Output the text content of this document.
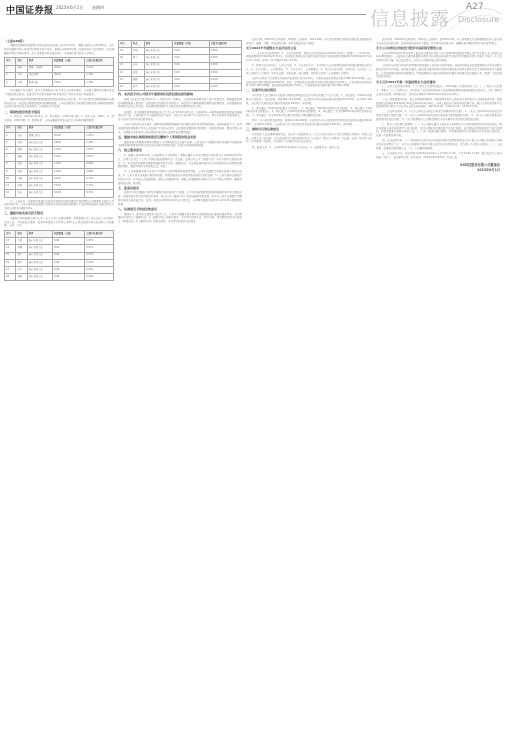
中国证券报 2023年6月1日 星期四
信息披露
A27
Disclosure
（上接A26版）

调整后的限制性股票授予价格由原来的每股人民币10.10元，调整为每股人民币9.86元，本次授予的激励对象人数及授予数量未发生变化。根据公司2022年第二次临时股东大会的授权，本次调整属于授权范围内事项，经公司董事会审议通过即可，无需再次提交股东大会审议。

序号	姓名	职务	获授数量（万股）	占授予总量比例
1	张明	董事、总经理	45.00	3.21%
2	李华	副总经理	30.00	2.14%
3	王强	财务总监	25.00	1.78%

本次激励计划实施后，将不会导致股权分布不符合上市条件要求。公司独立董事对该事项发表了同意的独立意见，监事会对本次授予激励对象名单进行了核实并发表了核查意见。

激励对象因获授的限制性股票而取得的现金股利由公司代管，作为应付股利在解除限售时向激励对象支付；若该部分限制性股票未能解除限售，公司在按照本计划的规定回购该部分限制性股票时应扣除代管的该部分现金股利，并做相应会计处理。

二、限制性股票的授予情况

1、授予日：2023年5月31日；2、授予数量：1,402.00万股；3、授予人数：186人；4、授予价格：9.86元/股；5、股票来源：公司向激励对象定向发行公司A股普通股股票。

序号	姓名	职务	获授数量（万股）	占授予总量比例
4	赵伟	董事会秘书	20.00	1.43%
5	刘洋	核心技术人员	18.00	1.28%
6	陈静	核心技术人员	15.00	1.07%
7	杨帆	核心业务人员	15.00	1.07%
8	黄磊	核心业务人员	12.00	0.86%
9	周敏	核心业务人员	12.00	0.86%
10	吴刚	核心业务人员	10.00	0.71%
11	徐丽	核心业务人员	10.00	0.71%
12	孙涛	核心业务人员	10.00	0.71%

注：上述任何一名激励对象通过全部在有效期内的股权激励计划获授的公司股票均未超过公司总股本的1%。公司全部有效的激励计划所涉及的标的股票总数累计不超过股权激励计划提交股东大会时公司股本总额的10%。

三、激励对象名单及授予情况

本激励计划的激励对象为公司（含子公司）任职的董事、高级管理人员、核心技术人员及核心业务人员，不包括独立董事、监事及单独或合计持有公司5%以上股份的股东或实际控制人及其配偶、父母、子女。

序号	姓名	职务	获授数量（万股）	占授予总量比例
13	马超	核心业务人员	8.00	0.57%
14	朱琳	核心业务人员	8.00	0.57%
15	胡军	核心业务人员	8.00	0.57%
16	郭亮	核心业务人员	6.00	0.43%
17	何平	核心业务人员	6.00	0.43%
18	林峰	核心业务人员	6.00	0.43%
序号	姓名	职务	获授数量（万股）	占授予总量比例
19	罗斌	核心业务人员	5.00	0.36%
20	梁宇	核心业务人员	5.00	0.36%
21	宋洁	核心业务人员	5.00	0.36%
22	郑凯	核心业务人员	5.00	0.36%
23	谢鹏	核心业务人员	4.00	0.29%
24	韩雪	核心业务人员	4.00	0.29%
四、本次授予对公司相关年度财务状况和经营成果的影响

按照《企业会计准则第11号——股份支付》的规定，公司将在限售期的每个资产负债表日，根据最新取得的可解除限售人数变动、业绩指标完成情况等后续信息，修正预计可解除限售的限制性股票数量，并按照限制性股票授予日的公允价值，将当期取得的服务计入相关成本或费用和资本公积。

经测算，本次限制性股票激励成本合计为人民币8,523.60万元，则2023年—2026年限制性股票成本摊销情况见下表。上述结果并不代表最终的会计成本，实际会计成本除了与实际授予日、授予价格和授予数量相关，还与实际生效和失效的数量有关。

公司以目前信息初步估计，限制性股票费用的摊销对有效期内各年净利润有所影响，但影响程度不大。若考虑限制性股票激励计划对公司发展产生的正向作用，由此激发管理团队的积极性，提高经营效率，降低代理人成本，本激励计划带来的公司业绩提升将远高于因其带来的费用增加。

五、激励对象认购限制性股票及缴纳个人所得税的资金安排

激励对象认购限制性股票及缴纳个人所得税的资金全部为自筹，公司承诺不为激励对象依本激励计划获取有关限制性股票提供贷款以及其他任何形式的财务资助，包括为其贷款提供担保。

六、独立董事意见

1、根据公司2022年第二次临时股东大会的授权，董事会确定公司本次激励计划的授予日为2023年5月31日，该授予日符合《上市公司股权激励管理办法》等法律、法规以及公司《激励计划》中关于授予日的相关规定。2、本次拟授予限制性股票的激励对象不存在《管理办法》等法律法规和规范性文件规定的禁止获授股权激励的情形，激励对象的主体资格合法、有效。

3、公司和激励对象均未发生不得授予或获授限制性股票的情形，公司本次激励计划规定的授予条件已成就。4、公司不存在向激励对象提供贷款、贷款担保或任何其他财务资助的计划或安排。5、公司实施本次激励计划有利于进一步完善公司治理结构，健全公司激励机制，增强公司管理团队和核心骨干对实现公司持续、健康发展的责任感、使命感。

七、监事会意见

监事会对本次激励计划授予的激励对象名单进行了核查，认为本次获授限制性股票的激励对象均符合相关法律、法规及规范性文件所规定的条件，符合公司《激励计划》规定的激励对象范围，其作为公司本次激励计划激励对象的主体资格合法、有效。同意以2023年5月31日为授予日，向186名激励对象授予1,402.00万股限制性股票。

八、法律意见书的结论性意见

律师认为，截至本法律意见书出具之日，公司本次调整及授予事项已取得现阶段必要的批准和授权；本次调整的内容符合《管理办法》及《激励计划》的相关规定；本次授予的授予日、授予对象、授予数量及授予价格符合《管理办法》及《激励计划》的相关规定；本次授予的条件已经满足。

证券代码：002XXX 证券简称：XX股份 公告编号：2023-046。本公司及董事会全体成员保证信息披露的内容真实、准确、完整，没有虚假记载、误导性陈述或重大遗漏。

关于2022年年度股东大会决议的公告

一、会议召开和出席情况：1、会议召开时间：现场会议召开时间为2023年5月31日（星期三）下午14:30；网络投票时间为2023年5月31日，其中通过深圳证券交易所交易系统进行网络投票的具体时间为2023年5月31日9:15—9:25，9:30—11:30和13:00—15:00。

2、现场会议召开地点：公司会议室。3、会议召开方式：本次股东大会采取现场投票与网络投票相结合的方式。4、会议召集人：公司董事会。5、会议主持人：公司董事长。6、本次会议的召集、召开符合《公司法》《上市公司股东大会规则》等有关法律、行政法规、部门规章、规范性文件和《公司章程》的规定。

出席本次股东大会的股东及股东授权委托代表共计28人，代表有表决权的股份总数为386,524,120股，占公司有表决权股份总数的42.6815%。其中：出席现场会议的股东及股东授权委托代表共6人，代表有表决权的股份数为352,180,000股；通过网络投票的股东共22人，代表有表决权的股份数为34,344,120股。

二、议案审议表决情况

本次股东大会以现场记名投票与网络投票相结合的方式审议并通过了以下议案：1、审议通过《2022年度董事会工作报告》。表决结果：同意386,321,020股，占出席会议有效表决权股份总数的99.9475%；反对203,100股，占出席会议有效表决权股份总数的0.0525%；弃权0股。

2、审议通过《2022年度监事会工作报告》。3、审议通过《2022年年度报告及其摘要》。4、审议通过《2022年度财务决算报告》。5、审议通过《2022年度利润分配预案》。6、审议通过《关于续聘2023年度审计机构的议案》。7、审议通过《关于2023年度向银行申请综合授信额度的议案》。

其中，中小投资者表决情况：同意34,141,020股，占出席会议中小投资者所持有效表决权股份总数的99.4086%；反对203,100股，占出席会议中小投资者所持有效表决权股份总数的0.5914%；弃权0股。

三、律师出具的法律意见

本次股东大会经律师现场见证，并出具了法律意见书，认为公司本次股东大会的召集和召开程序、召集人资格、出席会议人员资格、会议表决程序及表决结果均符合《公司法》《股东大会规则》等法律、法规、规范性文件和《公司章程》的规定，本次股东大会通过的决议合法有效。

四、备查文件：1、公司2022年年度股东大会决议；2、法律意见书。特此公告。

证券代码：600XXX 证券简称：XX科技 公告编号：临2023-032。本公司董事会及全体董事保证本公告内容不存在任何虚假记载、误导性陈述或者重大遗漏，并对其内容的真实性、准确性和完整性承担个别及连带责任。

关于公司向特定对象发行股票申请获得受理的公告

公司于2023年5月30日收到上海证券交易所出具的《关于受理XX科技股份有限公司沪市主板上市公司发行证券申请的通知》。上海证券交易所依据相关规定对公司报送的向特定对象发行股票的申请文件进行了核对，认为该项申请文件齐备，符合法定形式，决定予以受理并依法进行审核。

公司本次向特定对象发行股票事项尚需通过上海证券交易所审核，并获得中国证券监督管理委员会作出同意注册的决定后方可实施。最终能否通过上海证券交易所审核并获得中国证监会同意注册的决定及其时间尚存在不确定性。公司将根据该事项的进展情况，严格按照相关法律法规的规定和要求及时履行信息披露义务，敬请广大投资者注意投资风险。

关于召开2023年第一次临时股东大会的通知

一、召开会议的基本情况：（一）股东大会类型和届次：2023年第一次临时股东大会；（二）股东大会召集人：董事会；（三）投票方式：本次股东大会所采用的表决方式是现场投票和网络投票相结合的方式；（四）现场会议召开的日期、时间和地点：召开的日期时间为2023年6月16日14点00分。

（五）网络投票的系统、起止日期和投票时间：网络投票系统为上海证券交易所股东大会网络投票系统；网络投票起止时间自2023年6月16日至2023年6月16日。采用上海证券交易所网络投票系统，通过交易系统投票平台的投票时间为股东大会召开当日的交易时间段，即9:15-9:25，9:30-11:30，13:00-15:00。

二、会议审议事项：1、《关于公司符合向特定对象发行股票条件的议案》；2、《关于公司2023年度向特定对象发行股票方案的议案》；3、《关于公司2023年度向特定对象发行股票预案的议案》；4、《关于公司前次募集资金使用情况报告的议案》；5、《关于提请股东大会授权董事会全权办理本次发行相关事宜的议案》。

三、股东大会投票注意事项：（一）本公司股东通过上海证券交易所股东大会网络投票系统行使表决权的，既可以登陆交易系统投票平台进行投票，也可以登陆互联网投票平台进行投票。首次登陆互联网投票平台进行投票的，投资者需要完成股东身份认证。（二）同一表决权通过现场、本所网络投票平台或其他方式重复进行表决的，以第一次投票结果为准。

四、会议出席对象：（一）股权登记日收市后在中国证券登记结算有限责任公司上海分公司登记在册的公司股东有权出席股东大会，并可以以书面形式委托代理人出席会议和参加表决。该代理人不必是公司股东。（二）公司董事、监事和高级管理人员。（三）公司聘请的律师。

五、会议登记方法：登记时间为2023年6月14日上午9:00-11:30，下午13:30-17:00；登记地点为公司证券部。联系人：证券事务代表；联系电话：0XXX-XXXXXXXX。特此公告。

XX科技股份有限公司董事会
2023年6月1日
